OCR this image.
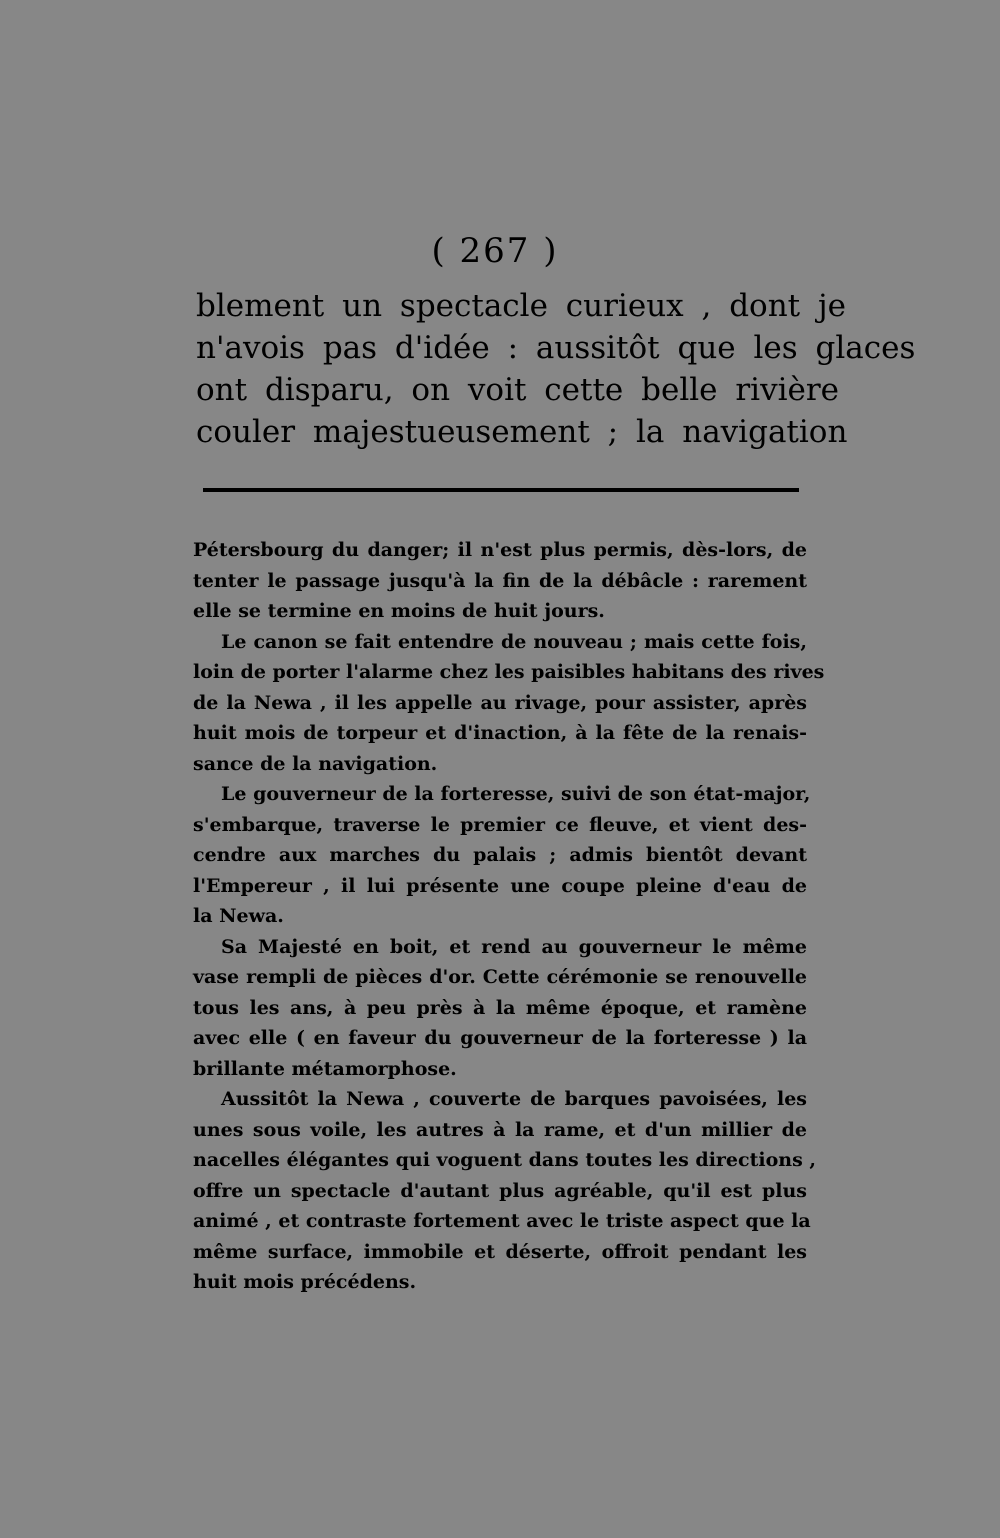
( 267 )
blement un spectacle curieux , dont je
n'avois pas d'idée : aussitôt que les glaces
ont disparu, on voit cette belle rivière
couler majestueusement ; la navigation
Pétersbourg du danger; il n'est plus permis, dès-lors, de
tenter le passage jusqu'à la fin de la débâcle : rarement
elle se termine en moins de huit jours.
Le canon se fait entendre de nouveau ; mais cette fois,
loin de porter l'alarme chez les paisibles habitans des rives
de la Newa , il les appelle au rivage, pour assister, après
huit mois de torpeur et d'inaction, à la fête de la renais-
sance de la navigation.
Le gouverneur de la forteresse, suivi de son état-major,
s'embarque, traverse le premier ce fleuve, et vient des-
cendre aux marches du palais ; admis bientôt devant
l'Empereur , il lui présente une coupe pleine d'eau de
la Newa.
Sa Majesté en boit, et rend au gouverneur le même
vase rempli de pièces d'or. Cette cérémonie se renouvelle
tous les ans, à peu près à la même époque, et ramène
avec elle ( en faveur du gouverneur de la forteresse ) la
brillante métamorphose.
Aussitôt la Newa , couverte de barques pavoisées, les
unes sous voile, les autres à la rame, et d'un millier de
nacelles élégantes qui voguent dans toutes les directions ,
offre un spectacle d'autant plus agréable, qu'il est plus
animé , et contraste fortement avec le triste aspect que la
même surface, immobile et déserte, offroit pendant les
huit mois précédens.
